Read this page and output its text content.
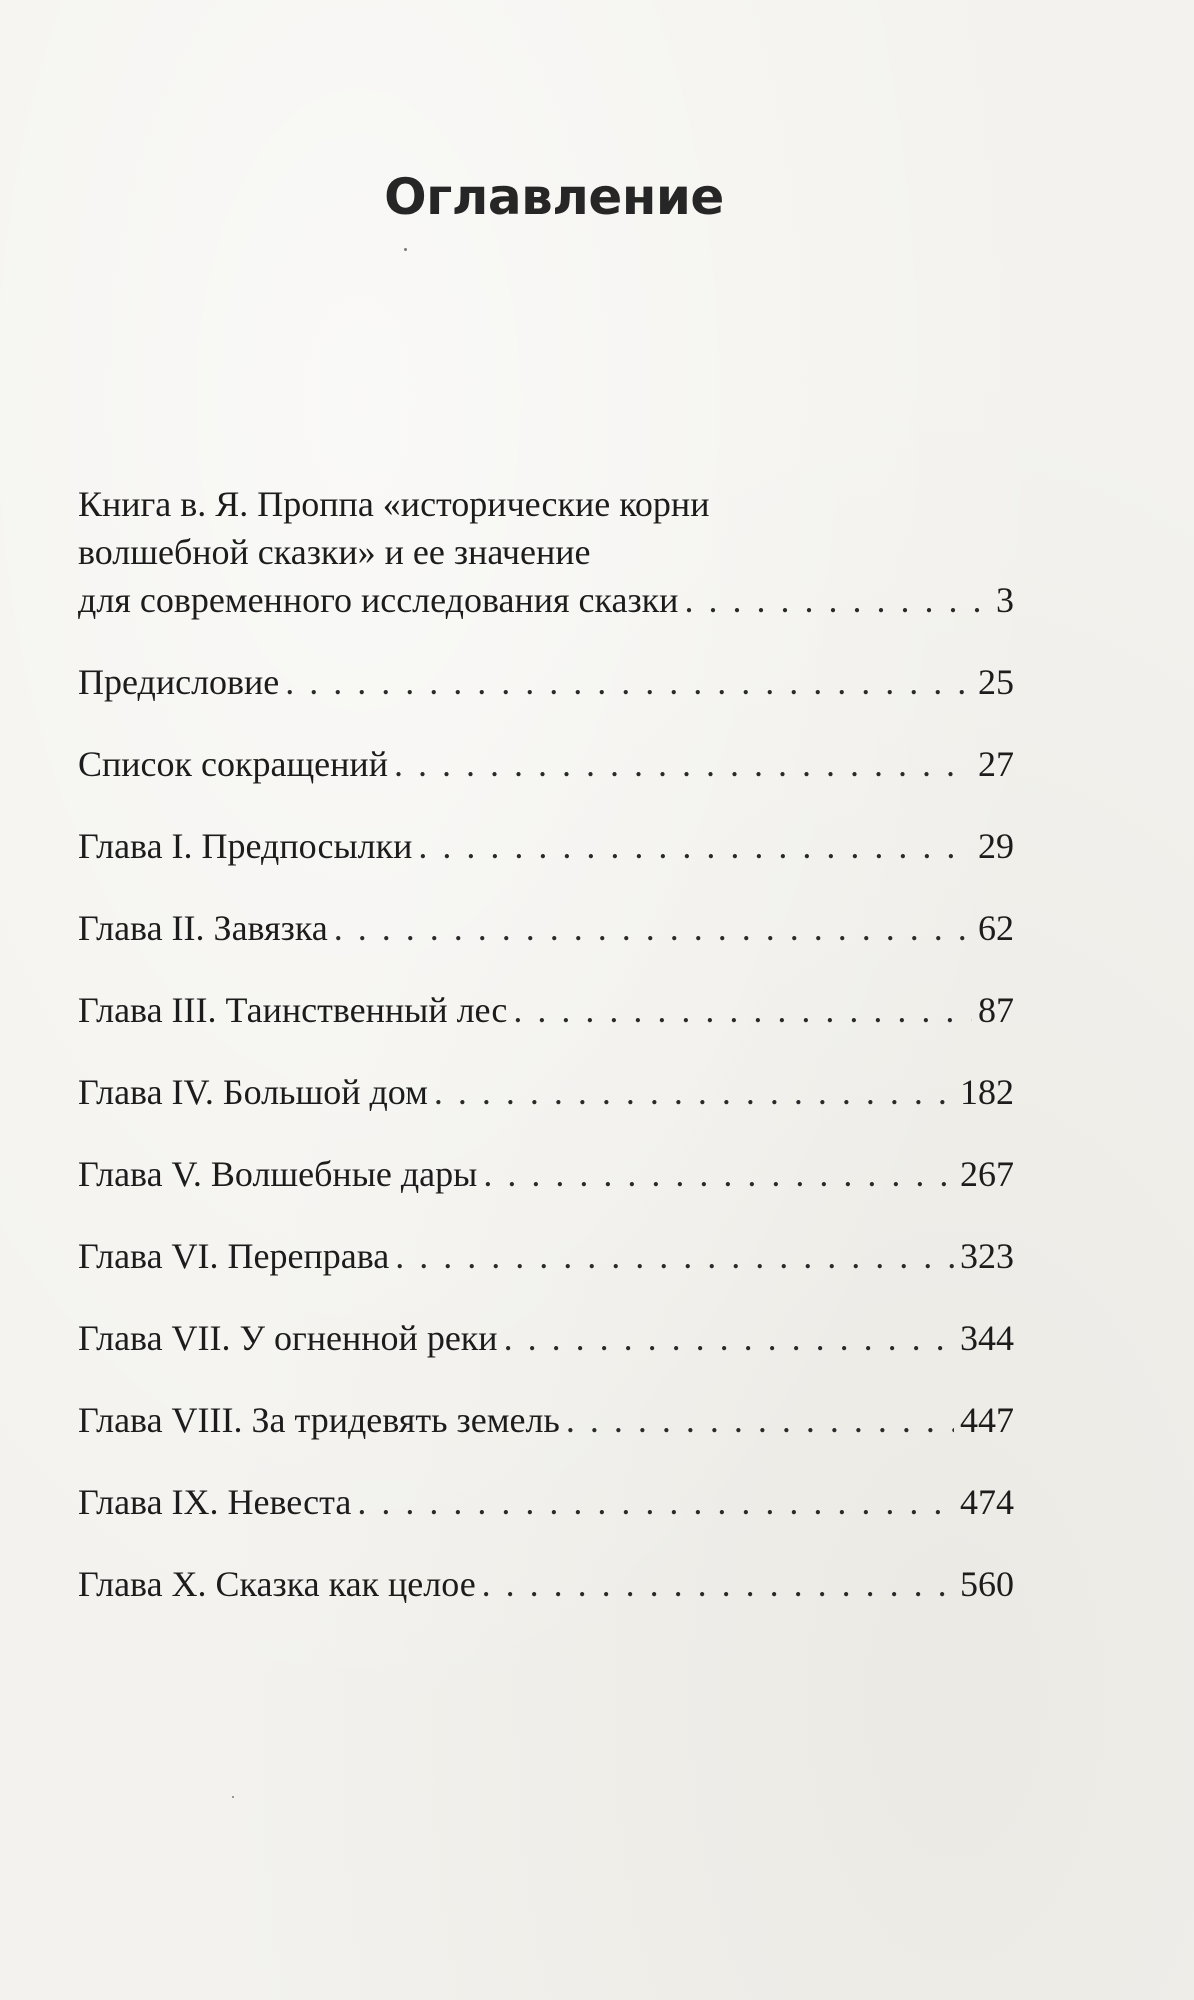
Оглавление
Книга в. Я. Проппа «исторические корни
волшебной сказки» и ее значение
для современного исследования сказки . . .	3
Предисловие . . .	25
Список сокращений . . .	27
Глава I. Предпосылки . . .	29
Глава II. Завязка . . .	62
Глава III. Таинственный лес . . .	87
Глава IV. Большой дом . . .	182
Глава V. Волшебные дары . . .	267
Глава VI. Переправа . . .	323
Глава VII. У огненной реки . . .	344
Глава VIII. За тридевять земель . . .	447
Глава IX. Невеста . . .	474
Глава X. Сказка как целое . . .	560
